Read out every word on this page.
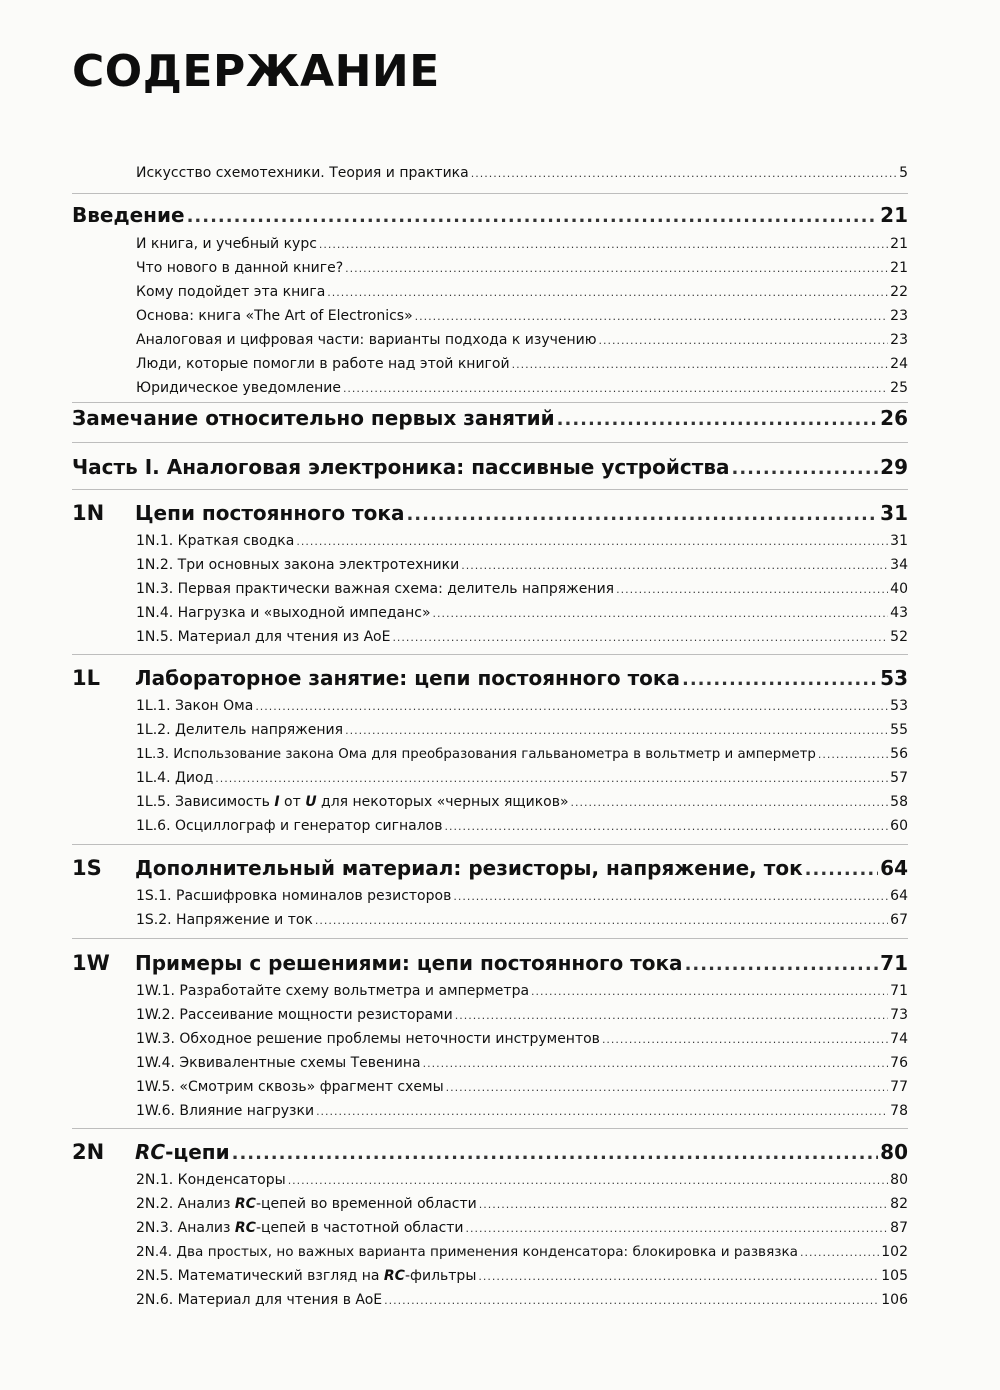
СОДЕРЖАНИЕ
Искусство схемотехники. Теория и практика .....	5
Введение .....	21
И книга, и учебный курс .....	21
Что нового в данной книге? .....	21
Кому подойдет эта книга .....	22
Основа: книга «The Art of Electronics» .....	23
Аналоговая и цифровая части: варианты подхода к изучению .....	23
Люди, которые помогли в работе над этой книгой .....	24
Юридическое уведомление .....	25
Замечание относительно первых занятий .....	26
Часть I. Аналоговая электроника: пассивные устройства .....	29
1N Цепи постоянного тока .....	31
1N.1. Краткая сводка .....	31
1N.2. Три основных закона электротехники .....	34
1N.3. Первая практически важная схема: делитель напряжения .....	40
1N.4. Нагрузка и «выходной импеданс» .....	43
1N.5. Материал для чтения из AoE .....	52
1L Лабораторное занятие: цепи постоянного тока .....	53
1L.1. Закон Ома .....	53
1L.2. Делитель напряжения .....	55
1L.3. Использование закона Ома для преобразования гальванометра в вольтметр и амперметр .....	56
1L.4. Диод .....	57
1L.5. Зависимость I от U для некоторых «черных ящиков» .....	58
1L.6. Осциллограф и генератор сигналов .....	60
1S Дополнительный материал: резисторы, напряжение, ток .....	64
1S.1. Расшифровка номиналов резисторов .....	64
1S.2. Напряжение и ток .....	67
1W Примеры с решениями: цепи постоянного тока .....	71
1W.1. Разработайте схему вольтметра и амперметра .....	71
1W.2. Рассеивание мощности резисторами .....	73
1W.3. Обходное решение проблемы неточности инструментов .....	74
1W.4. Эквивалентные схемы Тевенина .....	76
1W.5. «Смотрим сквозь» фрагмент схемы .....	77
1W.6. Влияние нагрузки .....	78
2N RC-цепи .....	80
2N.1. Конденсаторы .....	80
2N.2. Анализ RC-цепей во временной области .....	82
2N.3. Анализ RC-цепей в частотной области .....	87
2N.4. Два простых, но важных варианта применения конденсатора: блокировка и развязка .....	102
2N.5. Математический взгляд на RC-фильтры .....	105
2N.6. Материал для чтения в AoE .....	106
